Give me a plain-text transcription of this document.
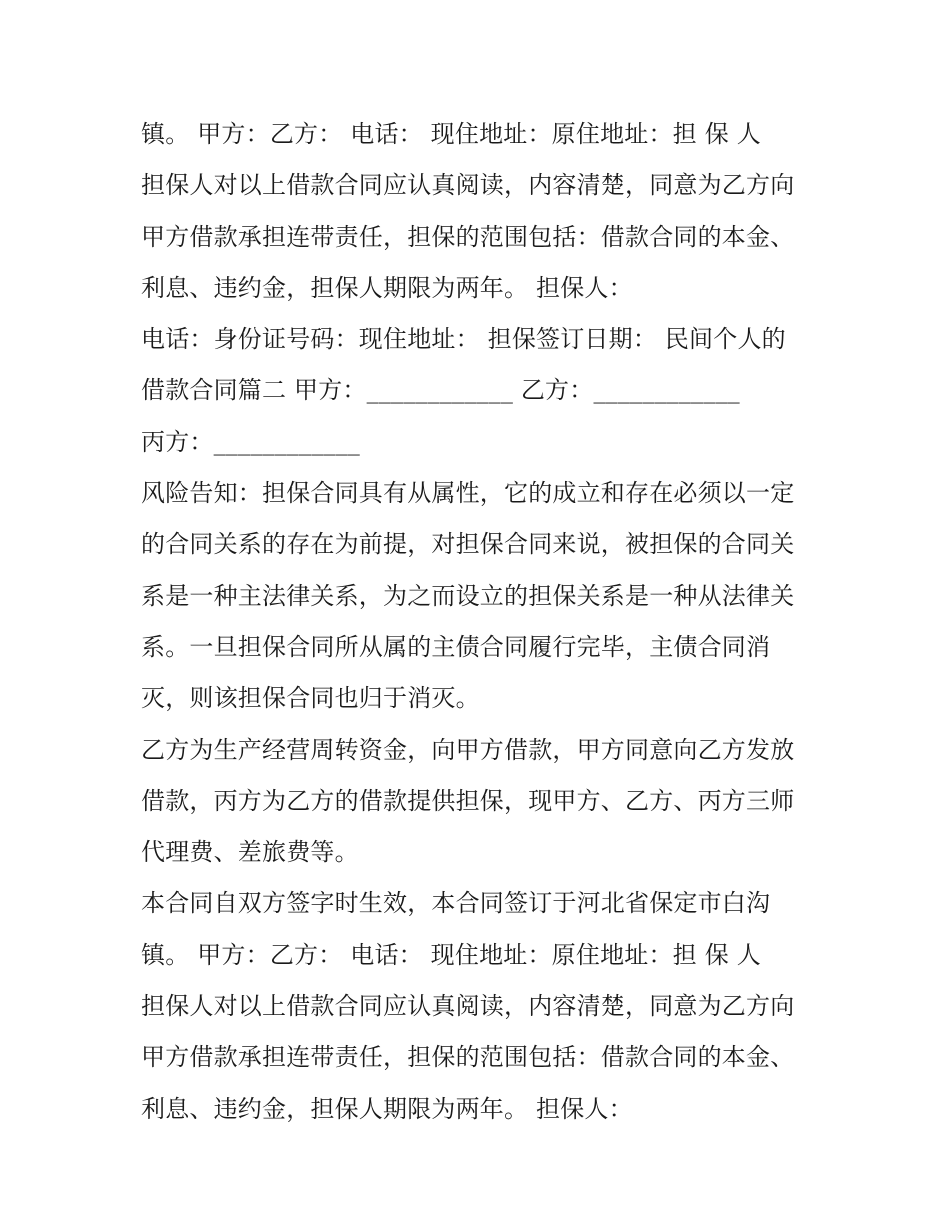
镇。 甲方：乙方： 电话： 现住地址：原住地址：担 保 人
担保人对以上借款合同应认真阅读，内容清楚，同意为乙方向
甲方借款承担连带责任，担保的范围包括：借款合同的本金、
利息、违约金，担保人期限为两年。 担保人：
电话：身份证号码：现住地址： 担保签订日期： 民间个人的
借款合同篇二 甲方：____________ 乙方：____________
丙方：____________
风险告知：担保合同具有从属性，它的成立和存在必须以一定
的合同关系的存在为前提，对担保合同来说，被担保的合同关
系是一种主法律关系，为之而设立的担保关系是一种从法律关
系。一旦担保合同所从属的主债合同履行完毕，主债合同消
灭，则该担保合同也归于消灭。
乙方为生产经营周转资金，向甲方借款，甲方同意向乙方发放
借款，丙方为乙方的借款提供担保，现甲方、乙方、丙方三师
代理费、差旅费等。
本合同自双方签字时生效，本合同签订于河北省保定市白沟
镇。 甲方：乙方： 电话： 现住地址：原住地址：担 保 人
担保人对以上借款合同应认真阅读，内容清楚，同意为乙方向
甲方借款承担连带责任，担保的范围包括：借款合同的本金、
利息、违约金，担保人期限为两年。 担保人：
